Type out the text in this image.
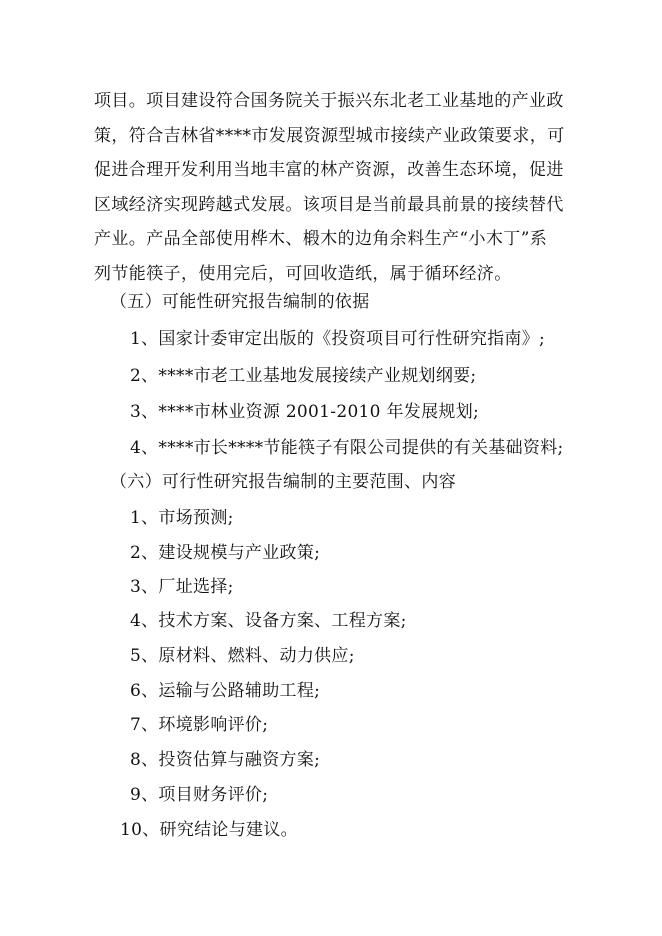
项目。项目建设符合国务院关于振兴东北老工业基地的产业政
策，符合吉林省****市发展资源型城市接续产业政策要求，可
促进合理开发利用当地丰富的林产资源，改善生态环境，促进
区域经济实现跨越式发展。该项目是当前最具前景的接续替代
产业。产品全部使用桦木、椴木的边角余料生产“小木丁”系
列节能筷子，使用完后，可回收造纸，属于循环经济。
（五）可能性研究报告编制的依据
1、国家计委审定出版的《投资项目可行性研究指南》;
2、****市老工业基地发展接续产业规划纲要;
3、****市林业资源 2001-2010 年发展规划;
4、****市长****节能筷子有限公司提供的有关基础资料;
（六）可行性研究报告编制的主要范围、内容
1、市场预测;
2、建设规模与产业政策;
3、厂址选择;
4、技术方案、设备方案、工程方案;
5、原材料、燃料、动力供应;
6、运输与公路辅助工程;
7、环境影响评价;
8、投资估算与融资方案;
9、项目财务评价;
10、研究结论与建议。
